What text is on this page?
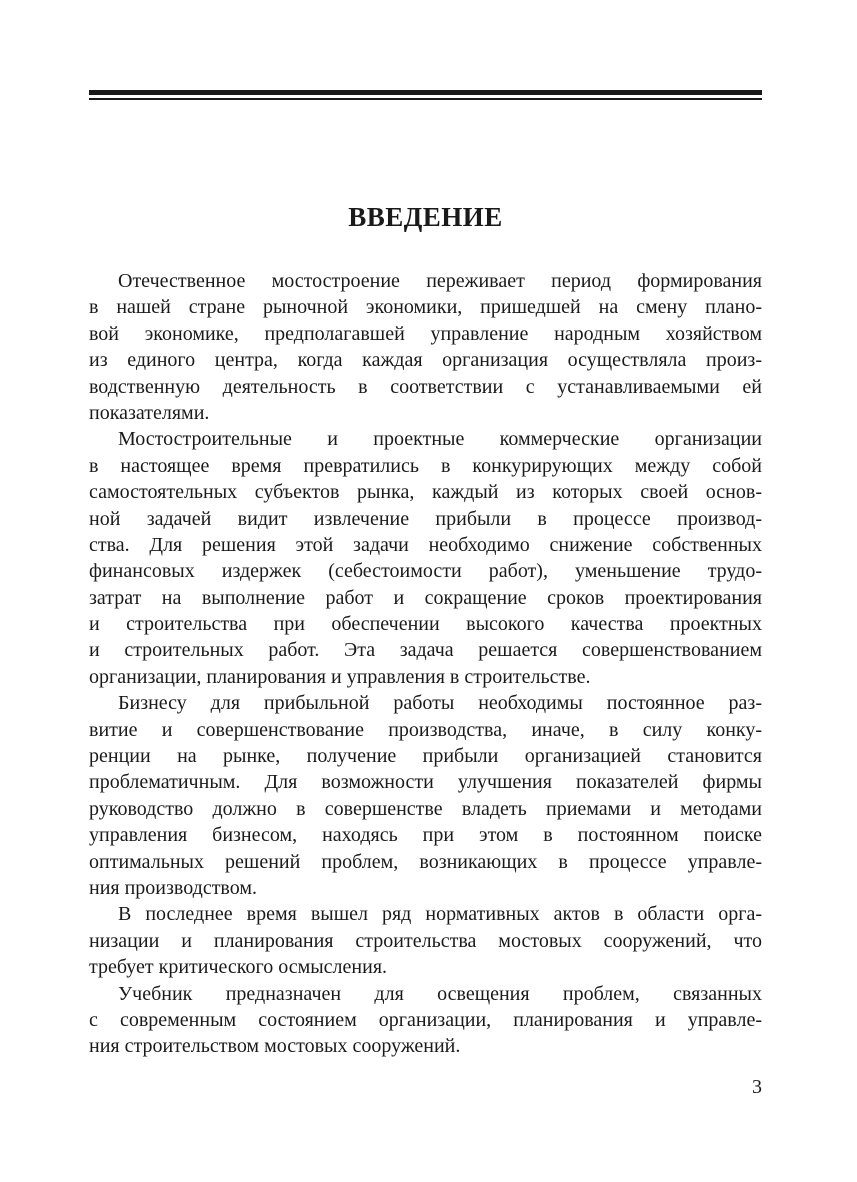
ВВЕДЕНИЕ

Отечественное мостостроение переживает период формирования
в нашей стране рыночной экономики, пришедшей на смену плано-
вой экономике, предполагавшей управление народным хозяйством
из единого центра, когда каждая организация осуществляла произ-
водственную деятельность в соответствии с устанавливаемыми ей
показателями.

Мостостроительные и проектные коммерческие организации
в настоящее время превратились в конкурирующих между собой
самостоятельных субъектов рынка, каждый из которых своей основ-
ной задачей видит извлечение прибыли в процессе производ-
ства. Для решения этой задачи необходимо снижение собственных
финансовых издержек (себестоимости работ), уменьшение трудо-
затрат на выполнение работ и сокращение сроков проектирования
и строительства при обеспечении высокого качества проектных
и строительных работ. Эта задача решается совершенствованием
организации, планирования и управления в строительстве.

Бизнесу для прибыльной работы необходимы постоянное раз-
витие и совершенствование производства, иначе, в силу конку-
ренции на рынке, получение прибыли организацией становится
проблематичным. Для возможности улучшения показателей фирмы
руководство должно в совершенстве владеть приемами и методами
управления бизнесом, находясь при этом в постоянном поиске
оптимальных решений проблем, возникающих в процессе управле-
ния производством.

В последнее время вышел ряд нормативных актов в области орга-
низации и планирования строительства мостовых сооружений, что
требует критического осмысления.

Учебник предназначен для освещения проблем, связанных
с современным состоянием организации, планирования и управле-
ния строительством мостовых сооружений.

3
